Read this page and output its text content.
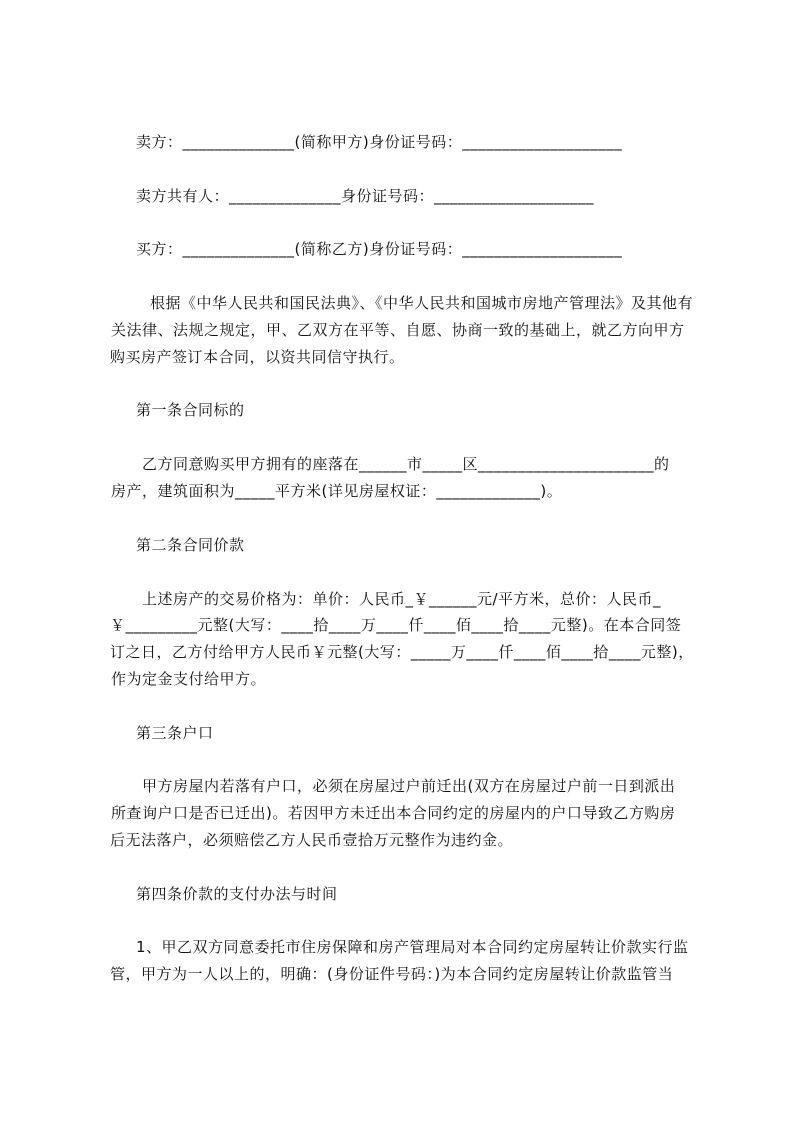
卖方：______________(简称甲方)身份证号码：____________________

卖方共有人：______________身份证号码：____________________

买方：______________(简称乙方)身份证号码：____________________

根据《中华人民共和国民法典》、《中华人民共和国城市房地产管理法》及其他有

关法律、法规之规定，甲、乙双方在平等、自愿、协商一致的基础上，就乙方向甲方

购买房产签订本合同，以资共同信守执行。

第一条合同标的

乙方同意购买甲方拥有的座落在______市_____区______________________的

房产，建筑面积为_____平方米(详见房屋权证：_____________)。

第二条合同价款

上述房产的交易价格为：单价：人民币_￥______元/平方米，总价：人民币_

￥_________元整(大写：____拾____万____仟____佰____拾____元整)。在本合同签

订之日，乙方付给甲方人民币￥元整(大写：_____万____仟____佰____拾____元整)，

作为定金支付给甲方。

第三条户口

甲方房屋内若落有户口，必须在房屋过户前迁出(双方在房屋过户前一日到派出

所查询户口是否已迁出)。若因甲方未迁出本合同约定的房屋内的户口导致乙方购房

后无法落户，必须赔偿乙方人民币壹拾万元整作为违约金。

第四条价款的支付办法与时间

1、甲乙双方同意委托市住房保障和房产管理局对本合同约定房屋转让价款实行监

管，甲方为一人以上的，明确：(身份证件号码：)为本合同约定房屋转让价款监管当
